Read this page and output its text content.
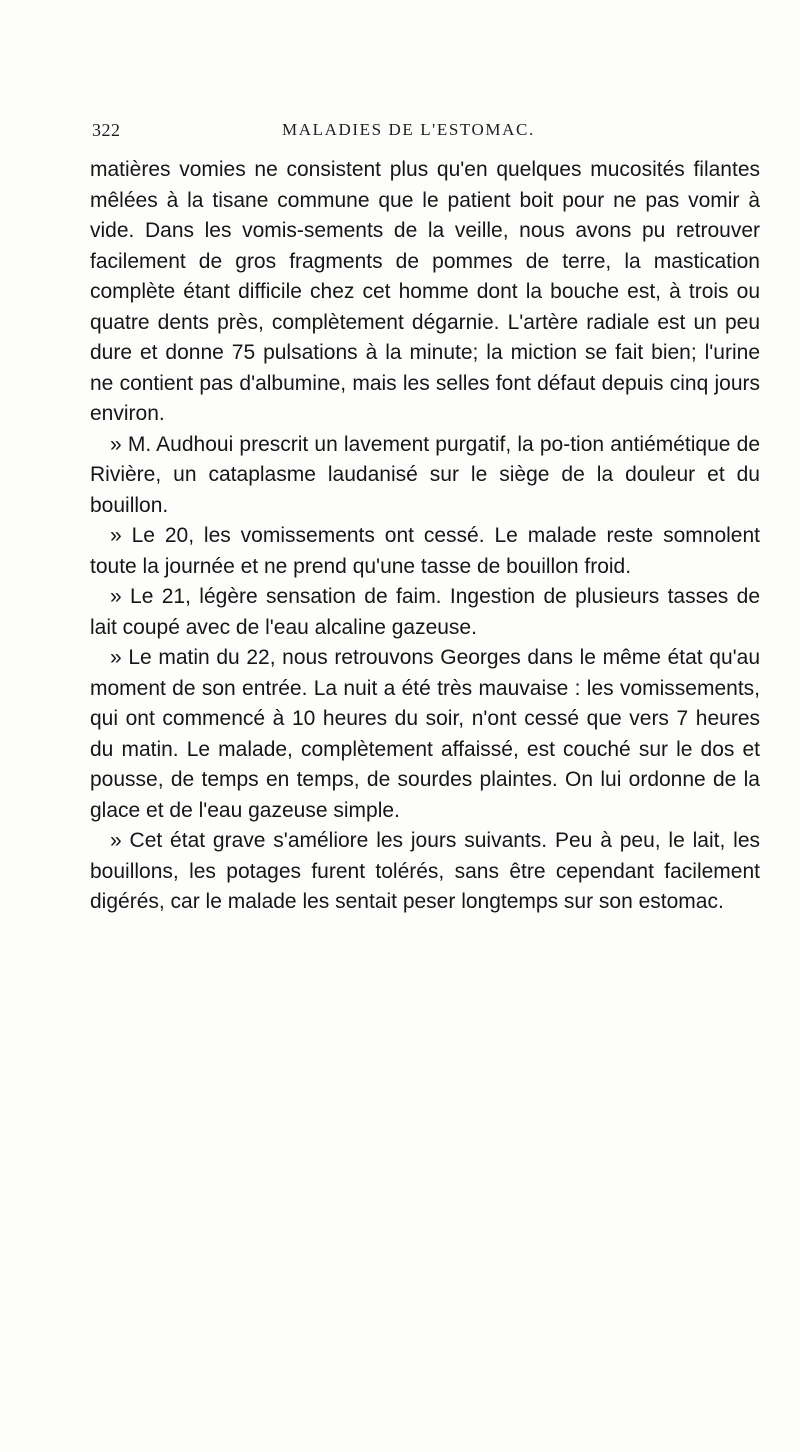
322	MALADIES DE L'ESTOMAC.

matières vomies ne consistent plus qu'en quelques mucosités filantes mêlées à la tisane commune que le patient boit pour ne pas vomir à vide. Dans les vomis-sements de la veille, nous avons pu retrouver facilement de gros fragments de pommes de terre, la mastication complète étant difficile chez cet homme dont la bouche est, à trois ou quatre dents près, complètement dégarnie. L'artère radiale est un peu dure et donne 75 pulsations à la minute; la miction se fait bien; l'urine ne contient pas d'albumine, mais les selles font défaut depuis cinq jours environ.

» M. Audhoui prescrit un lavement purgatif, la po-tion antiémétique de Rivière, un cataplasme laudanisé sur le siège de la douleur et du bouillon.

» Le 20, les vomissements ont cessé. Le malade reste somnolent toute la journée et ne prend qu'une tasse de bouillon froid.

» Le 21, légère sensation de faim. Ingestion de plusieurs tasses de lait coupé avec de l'eau alcaline gazeuse.

» Le matin du 22, nous retrouvons Georges dans le même état qu'au moment de son entrée. La nuit a été très mauvaise : les vomissements, qui ont commencé à 10 heures du soir, n'ont cessé que vers 7 heures du matin. Le malade, complètement affaissé, est couché sur le dos et pousse, de temps en temps, de sourdes plaintes. On lui ordonne de la glace et de l'eau gazeuse simple.

» Cet état grave s'améliore les jours suivants. Peu à peu, le lait, les bouillons, les potages furent tolérés, sans être cependant facilement digérés, car le malade les sentait peser longtemps sur son estomac.
